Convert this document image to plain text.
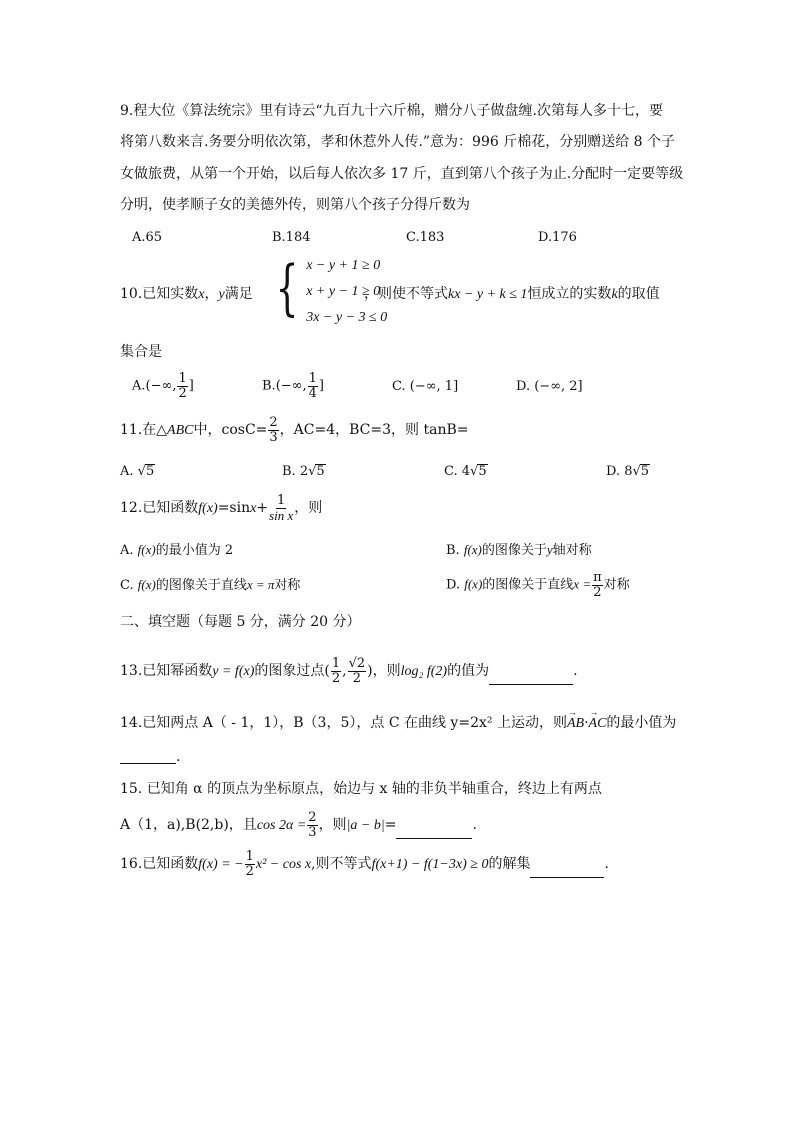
9.程大位《算法统宗》里有诗云“九百九十六斤棉，赠分八子做盘缠.次第每人多十七，要
将第八数来言.务要分明依次第，孝和休惹外人传.”意为：996 斤棉花，分别赠送给 8 个子
女做旅费，从第一个开始，以后每人依次多 17 斤，直到第八个孩子为止.分配时一定要等级
分明，使孝顺子女的美德外传，则第八个孩子分得斤数为
A.65	B.184	C.183	D.176
10.已知实数x，y满足 { x − y + 1 ≥ 0
x + y − 1 ≥ 0
3x − y − 3 ≤ 0
，则使不等式kx − y + k ≤ 1恒成立的实数k的取值
集合是
A.(−∞, $\frac{1}{2}$ ]	B.(−∞, $\frac{1}{4}$ ]	C. (−∞, 1]	D. (−∞, 2]
11.在△ABC中，$\cos C= \frac{2}{3}$ ，AC=4，BC=3，则 tanB=
A. √5	B. 2√5	C. 4√5	D. 8√5
12.已知函数$f(x)=\sin x+ \frac{1}{\text{sin x}}$ ，则
A. f(x)的最小值为 2	B. f(x)的图像关于y轴对称
C. f(x)的图像关于直线x = π对称	D. f(x)的图像关于直线$x = \frac{\pi}{2}$ 对称
二、填空题（每题 5 分，满分 20 分）
13.已知幂函数y = f(x)的图象过点( $\frac{1}{2}$ , $\frac{√2}{2}$ )，则log₂ f(2)的值为	.
14.已知两点 A（ - 1，1），B（3，5），点 C 在曲线 y=2x² 上运动，则AB →·AC →的最小值为
.
15. 已知角 α 的顶点为坐标原点，始边与 x 轴的非负半轴重合，终边上有两点
A（1，a),B(2,b)，且$\cos 2\alpha = \frac{2}{3}$ ，则|a − b|=	.
16.已知函数f(x) = − $\frac{1}{2} x^2 - \cos x$,则不等式f(x+1) − f(1−3x) ≥ 0的解集	.
